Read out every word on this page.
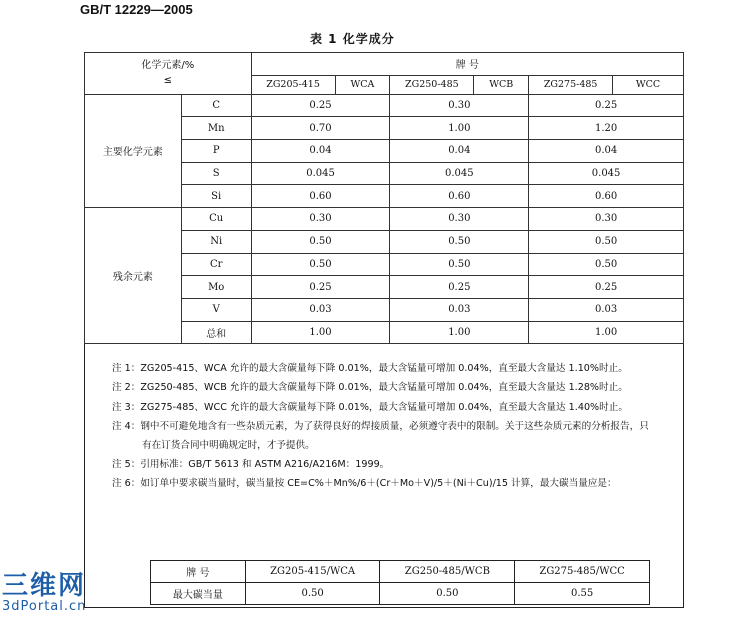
GB/T 12229—2005
表 1 化学成分
化学元素/%
≤		牌 号					
		ZG205-415	WCA	ZG250-485	WCB	ZG275-485	WCC
主要化学元素	C	0.25		0.30		0.25	
	Mn	0.70		1.00		1.20	
	P	0.04		0.04		0.04	
	S	0.045		0.045		0.045	
	Si	0.60		0.60		0.60	
残余元素	Cu	0.30		0.30		0.30	
	Ni	0.50		0.50		0.50	
	Cr	0.50		0.50		0.50	
	Mo	0.25		0.25		0.25	
	V	0.03		0.03		0.03	
	总和	1.00		1.00		1.00	
注 1：ZG205-415、WCA 允许的最大含碳量每下降 0.01%，最大含锰量可增加 0.04%，直至最大含量达 1.10%时止。
注 2：ZG250-485、WCB 允许的最大含碳量每下降 0.01%，最大含锰量可增加 0.04%，直至最大含量达 1.28%时止。
注 3：ZG275-485、WCC 允许的最大含碳量每下降 0.01%，最大含锰量可增加 0.04%，直至最大含量达 1.40%时止。
注 4：钢中不可避免地含有一些杂质元素，为了获得良好的焊接质量，必须遵守表中的限制。关于这些杂质元素的分析报告，只有在订货合同中明确规定时，才予提供。
注 5：引用标准：GB/T 5613 和 ASTM A216/A216M：1999。
注 6：如订单中要求碳当量时，碳当量按 CE=C%＋Mn%/6＋(Cr＋Mo＋V)/5＋(Ni＋Cu)/15 计算，最大碳当量应是：
牌 号	ZG205-415/WCA	ZG250-485/WCB	ZG275-485/WCC
最大碳当量	0.50	0.50	0.55
三维网
3dPortal.cn
